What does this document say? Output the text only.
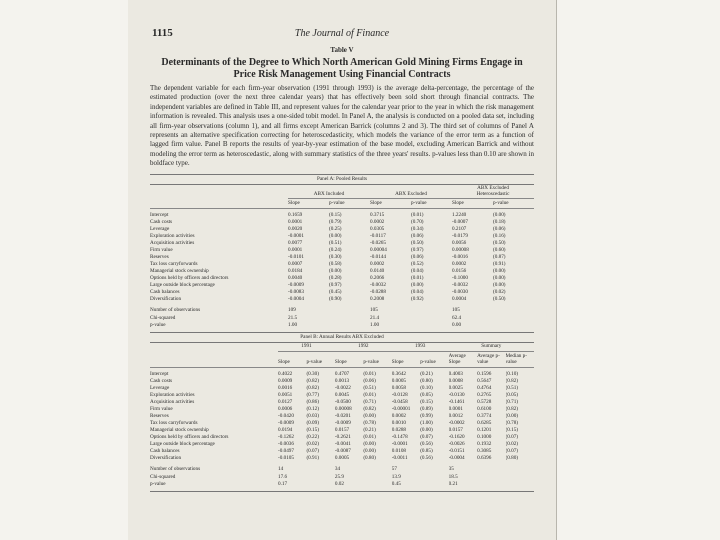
1115	The Journal of Finance
Table V
Determinants of the Degree to Which North American Gold Mining Firms Engage in Price Risk Management Using Financial Contracts
The dependent variable for each firm-year observation (1991 through 1993) is the average delta-percentage, the percentage of the estimated production (over the next three calendar years) that has effectively been sold short through financial contracts. The independent variables are defined in Table III, and represent values for the calendar year prior to the year in which the risk management information is revealed. This analysis uses a one-sided tobit model. In Panel A, the analysis is conducted on a pooled data set, including all firm-year observations (column 1), and all firms except American Barrick (columns 2 and 3). The third set of columns of Panel A represents an alternative specification correcting for heteroscedasticity, which models the variance of the error term as a function of lagged firm value. Panel B reports the results of year-by-year estimation of the base model, excluding American Barrick and without modeling the error term as heteroscedastic, along with summary statistics of the three years' results. p-values less than 0.10 are shown in boldface type.
Panel A: Pooled Results
	ABX Included		ABX Excluded		ABX Excluded Heteroscedastic	
	Slope	p-value	Slope	p-value	Slope	p-value
Intercept	0.1659	(0.15)	0.3715	(0.01)	1.2240	(0.00)
Cash costs	0.0001	(0.79)	0.0002	(0.70)	-0.0007	(0.18)
Leverage	0.0020	(0.25)	0.0305	(0.34)	0.2107	(0.06)
Exploration activities	-0.0001	(0.00)	-0.0117	(0.06)	-0.0179	(0.16)
Acquisition activities	0.0077	(0.51)	-0.0265	(0.50)	0.0056	(0.50)
Firm value	0.0001	(0.24)	0.00004	(0.97)	0.00008	(0.60)
Reserves	-0.0101	(0.30)	-0.0144	(0.06)	-0.0016	(0.87)
Tax loss carryforwards	0.0007	(0.58)	0.0002	(0.52)	0.0002	(0.91)
Managerial stock ownership	0.0184	(0.00)	0.0140	(0.04)	0.0156	(0.00)
Options held by officers and directors	0.0040	(0.28)	0.2066	(0.01)	-0.1000	(0.00)
Large outside block percentage	-0.0009	(0.97)	-0.0032	(0.00)	-0.0032	(0.00)
Cash balances	-0.0083	(0.45)	-0.0288	(0.04)	-0.0030	(0.02)
Diversification	-0.0004	(0.90)	0.2008	(0.92)	0.0004	(0.50)
Number of observations	109		105		105	
Chi-squared	21.5		21.4		62.4	
p-value	1.00		1.00		0.00	
Panel B: Annual Results ABX Excluded
	1991		1992		1993		Summary		
	Slope	p-value	Slope	p-value	Slope	p-value	Average Slope	Average p-value	Median p-value
Intercept	0.4022	(0.30)	0.4707	(0.01)	0.3642	(0.21)	0.4003	0.1596	(0.10)
Cash costs	0.0009	(0.82)	0.0013	(0.06)	0.0005	(0.80)	0.0008	0.5647	(0.82)
Leverage	0.0016	(0.82)	-0.0022	(0.51)	0.0058	(0.10)	0.0025	0.4764	(0.51)
Exploration activities	0.0051	(0.77)	0.0045	(0.01)	-0.0128	(0.05)	-0.0130	0.2765	(0.05)
Acquisition activities	0.0127	(0.86)	-0.0500	(0.71)	-0.0458	(0.15)	-0.1461	0.5728	(0.71)
Firm value	0.0006	(0.12)	0.00008	(0.82)	-0.00001	(0.89)	0.0001	0.6100	(0.82)
Reserves	-0.0420	(0.03)	-0.0201	(0.00)	0.0002	(0.99)	0.0012	0.3774	(0.00)
Tax loss carryforwards	-0.0009	(0.09)	-0.0009	(0.78)	0.0010	(1.00)	-0.0002	0.6285	(0.78)
Managerial stock ownership	0.0194	(0.15)	0.0157	(0.21)	0.0288	(0.00)	0.0157	0.1201	(0.15)
Options held by officers and directors	-0.1262	(0.22)	-0.2621	(0.01)	-0.1478	(0.07)	-0.1620	0.1000	(0.07)
Large outside block percentage	-0.0036	(0.02)	-0.0041	(0.00)	-0.0001	(0.56)	-0.0026	0.1932	(0.02)
Cash balances	-0.0497	(0.07)	-0.0087	(0.00)	0.0108	(0.85)	-0.0151	0.3085	(0.07)
Diversification	-0.0105	(0.91)	0.0005	(0.80)	-0.0011	(0.56)	-0.0004	0.6396	(0.80)
Number of observations	14		34		57		35		
Chi-squared	17.6		25.9		13.9		18.5		
p-value	0.17		0.02		0.45		0.21		
